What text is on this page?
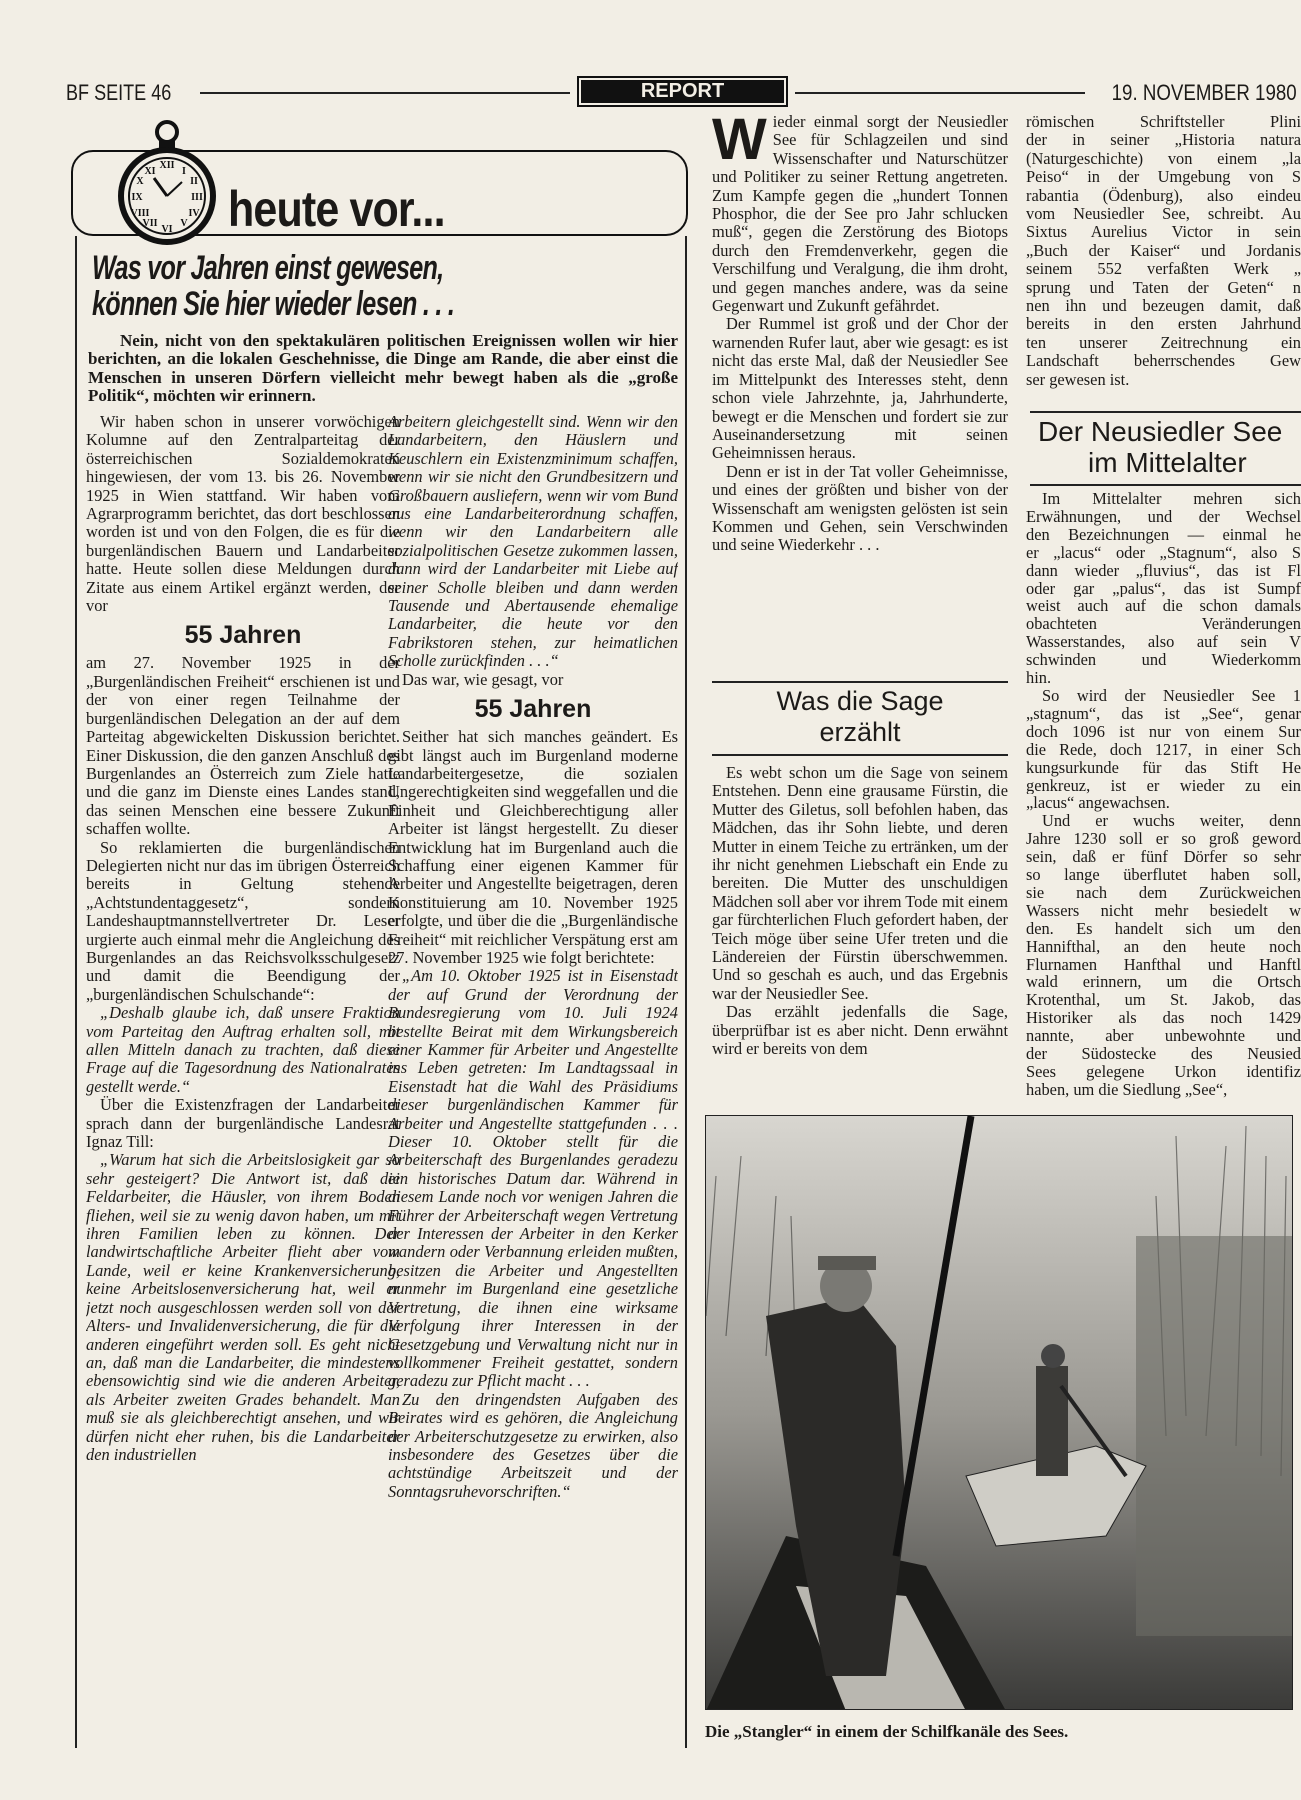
BF SEITE 46	REPORT	19. NOVEMBER 1980
XII
III
VI
IX
I
II
IV
V
VII
VIII
X
XI
heute vor...
Was vor Jahren einst gewesen,
können Sie hier wieder lesen . . .
Nein, nicht von den spektakulären politischen Ereignissen wollen wir hier berichten, an die lokalen Geschehnisse, die Dinge am Rande, die aber einst die Menschen in unseren Dörfern vielleicht mehr bewegt haben als die „große Politik“, möchten wir erinnern.

Wir haben schon in unserer vorwöchigen Kolumne auf den Zentralparteitag der österreichischen Sozialdemokraten hingewiesen, der vom 13. bis 26. November 1925 in Wien stattfand. Wir haben vom Agrarprogramm berichtet, das dort beschlossen worden ist und von den Folgen, die es für die burgenländischen Bauern und Landarbeiter hatte. Heute sollen diese Meldungen durch Zitate aus einem Artikel ergänzt werden, der vor

55 Jahren

am 27. November 1925 in der „Burgenländischen Freiheit“ erschienen ist und der von einer regen Teilnahme der burgenländischen Delegation an der auf dem Parteitag abgewickelten Diskussion berichtet. Einer Diskussion, die den ganzen Anschluß des Burgenlandes an Österreich zum Ziele hatte und die ganz im Dienste eines Landes stand, das seinen Menschen eine bessere Zukunft schaffen wollte.

So reklamierten die burgenländischen Delegierten nicht nur das im übrigen Österreich bereits in Geltung stehende „Achtstundentaggesetz“, sondern Landeshauptmannstellvertreter Dr. Leser urgierte auch einmal mehr die Angleichung des Burgenlandes an das Reichsvolksschulgesetz und damit die Beendigung der „burgenländischen Schulschande“:

„Deshalb glaube ich, daß unsere Fraktion vom Parteitag den Auftrag erhalten soll, mit allen Mitteln danach zu trachten, daß diese Frage auf die Tagesordnung des Nationalrates gestellt werde.“

Über die Existenzfragen der Landarbeiter sprach dann der burgenländische Landesrat Ignaz Till:

„Warum hat sich die Arbeitslosigkeit gar so sehr gesteigert? Die Antwort ist, daß die Feldarbeiter, die Häusler, von ihrem Boden fliehen, weil sie zu wenig davon haben, um mit ihren Familien leben zu können. Der landwirtschaftliche Arbeiter flieht aber vom Lande, weil er keine Krankenversicherung, keine Arbeitslosenversicherung hat, weil er jetzt noch ausgeschlossen werden soll von der Alters- und Invalidenversicherung, die für die anderen eingeführt werden soll. Es geht nicht an, daß man die Landarbeiter, die mindestens ebensowichtig sind wie die anderen Arbeiter, als Arbeiter zweiten Grades behandelt. Man muß sie als gleichberechtigt ansehen, und wir dürfen nicht eher ruhen, bis die Landarbeiter den industriellen

Arbeitern gleichgestellt sind. Wenn wir den Landarbeitern, den Häuslern und Keuschlern ein Existenzminimum schaffen, wenn wir sie nicht den Grundbesitzern und Großbauern ausliefern, wenn wir vom Bund aus eine Landarbeiterordnung schaffen, wenn wir den Landarbeitern alle sozialpolitischen Gesetze zukommen lassen, dann wird der Landarbeiter mit Liebe auf seiner Scholle bleiben und dann werden Tausende und Abertausende ehemalige Landarbeiter, die heute vor den Fabrikstoren stehen, zur heimatlichen Scholle zurückfinden . . .“

Das war, wie gesagt, vor

55 Jahren

Seither hat sich manches geändert. Es gibt längst auch im Burgenland moderne Landarbeitergesetze, die sozialen Ungerechtigkeiten sind weggefallen und die Einheit und Gleichberechtigung aller Arbeiter ist längst hergestellt. Zu dieser Entwicklung hat im Burgenland auch die Schaffung einer eigenen Kammer für Arbeiter und Angestellte beigetragen, deren Konstituierung am 10. November 1925 erfolgte, und über die die „Burgenländische Freiheit“ mit reichlicher Verspätung erst am 27. November 1925 wie folgt berichtete:

„Am 10. Oktober 1925 ist in Eisenstadt der auf Grund der Verordnung der Bundesregierung vom 10. Juli 1924 bestellte Beirat mit dem Wirkungsbereich einer Kammer für Arbeiter und Angestellte ins Leben getreten: Im Landtagssaal in Eisenstadt hat die Wahl des Präsidiums dieser burgenländischen Kammer für Arbeiter und Angestellte stattgefunden . . . Dieser 10. Oktober stellt für die Arbeiterschaft des Burgenlandes geradezu ein historisches Datum dar. Während in diesem Lande noch vor wenigen Jahren die Führer der Arbeiterschaft wegen Vertretung der Interessen der Arbeiter in den Kerker wandern oder Verbannung erleiden mußten, besitzen die Arbeiter und Angestellten nunmehr im Burgenland eine gesetzliche Vertretung, die ihnen eine wirksame Verfolgung ihrer Interessen in der Gesetzgebung und Verwaltung nicht nur in vollkommener Freiheit gestattet, sondern geradezu zur Pflicht macht . . .

Zu den dringendsten Aufgaben des Beirates wird es gehören, die Angleichung der Arbeiterschutzgesetze zu erwirken, also insbesondere des Gesetzes über die achtstündige Arbeitszeit und der Sonntagsruhevorschriften.“

W ieder einmal sorgt der Neusiedler See für Schlagzeilen und sind Wissenschafter und Naturschützer und Politiker zu seiner Rettung angetreten. Zum Kampfe gegen die „hundert Tonnen Phosphor, die der See pro Jahr schlucken muß“, gegen die Zerstörung des Biotops durch den Fremdenverkehr, gegen die Verschilfung und Veralgung, die ihm droht, und gegen manches andere, was da seine Gegenwart und Zukunft gefährdet.

Der Rummel ist groß und der Chor der warnenden Rufer laut, aber wie gesagt: es ist nicht das erste Mal, daß der Neusiedler See im Mittelpunkt des Interesses steht, denn schon viele Jahrzehnte, ja, Jahrhunderte, bewegt er die Menschen und fordert sie zur Auseinandersetzung mit seinen Geheimnissen heraus.

Denn er ist in der Tat voller Geheimnisse, und eines der größten und bisher von der Wissenschaft am wenigsten gelösten ist sein Kommen und Gehen, sein Verschwinden und seine Wiederkehr . . .

Was die Sage
erzählt

Es webt schon um die Sage von seinem Entstehen. Denn eine grausame Fürstin, die Mutter des Giletus, soll befohlen haben, das Mädchen, das ihr Sohn liebte, und deren Mutter in einem Teiche zu ertränken, um der ihr nicht genehmen Liebschaft ein Ende zu bereiten. Die Mutter des unschuldigen Mädchen soll aber vor ihrem Tode mit einem gar fürchterlichen Fluch gefordert haben, der Teich möge über seine Ufer treten und die Ländereien der Fürstin überschwemmen. Und so geschah es auch, und das Ergebnis war der Neusiedler See.

Das erzählt jedenfalls die Sage, überprüfbar ist es aber nicht. Denn erwähnt wird er bereits von dem

römischen Schriftsteller Plini
der in seiner „Historia natura
(Naturgeschichte) von einem „la
Peiso“ in der Umgebung von S
rabantia (Ödenburg), also eindeu
vom Neusiedler See, schreibt. Au
Sixtus Aurelius Victor in sein
„Buch der Kaiser“ und Jordanis
seinem 552 verfaßten Werk „
sprung und Taten der Geten“ n
nen ihn und bezeugen damit, daß
bereits in den ersten Jahrhund
ten unserer Zeitrechnung ein
Landschaft beherrschendes Gew
ser gewesen ist.
Der Neusiedler See
im Mittelalter
Im Mittelalter mehren sich
Erwähnungen, und der Wechsel
den Bezeichnungen — einmal he
er „lacus“ oder „Stagnum“, also S
dann wieder „fluvius“, das ist Fl
oder gar „palus“, das ist Sumpf
weist auch auf die schon damals
obachteten Veränderungen
Wasserstandes, also auf sein V
schwinden und Wiederkomm
hin.
So wird der Neusiedler See 1
„stagnum“, das ist „See“, genar
doch 1096 ist nur von einem Sur
die Rede, doch 1217, in einer Sch
kungsurkunde für das Stift He
genkreuz, ist er wieder zu ein
„lacus“ angewachsen.
Und er wuchs weiter, denn
Jahre 1230 soll er so groß geword
sein, daß er fünf Dörfer so sehr
so lange überflutet haben soll,
sie nach dem Zurückweichen
Wassers nicht mehr besiedelt w
den. Es handelt sich um den
Hannifthal, an den heute noch
Flurnamen Hanfthal und Hanftl
wald erinnern, um die Ortsch
Krotenthal, um St. Jakob, das
Historiker als das noch 1429
nannte, aber unbewohnte und
der Südostecke des Neusied
Sees gelegene Urkon identifiz
haben, um die Siedlung „See“,
Die „Stangler“ in einem der Schilfkanäle des Sees.
